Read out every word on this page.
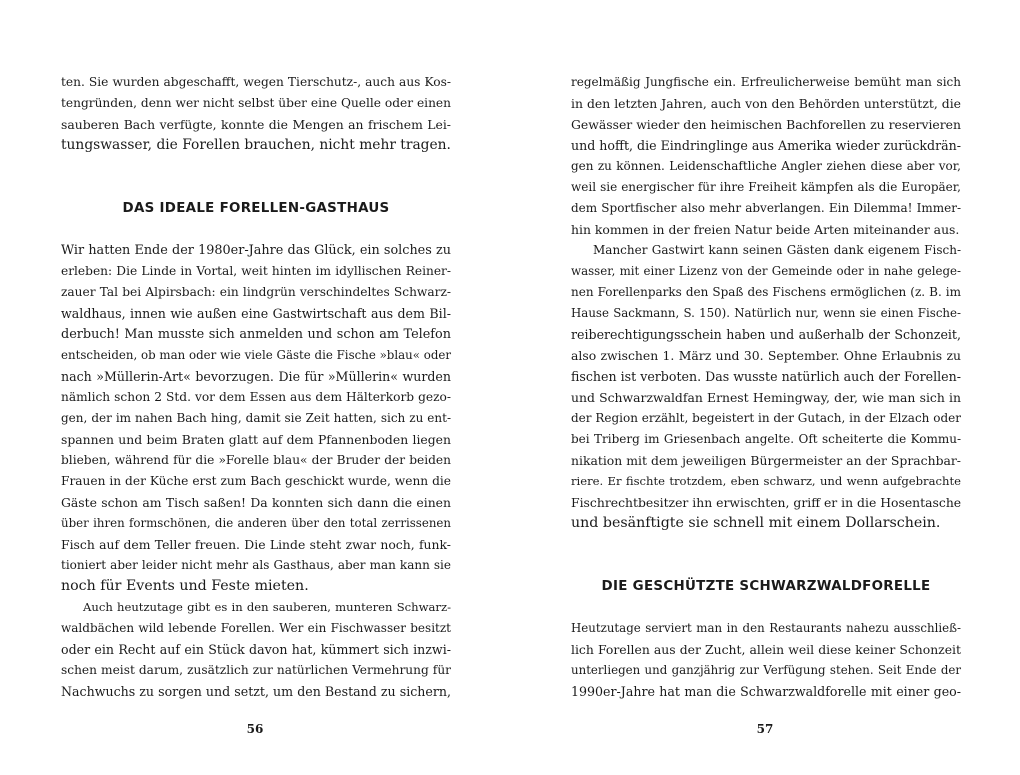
ten. Sie wurden abgeschafft, wegen Tierschutz-, auch aus Kos-
tengründen, denn wer nicht selbst über eine Quelle oder einen
sauberen Bach verfügte, konnte die Mengen an frischem Lei-
tungswasser, die Forellen brauchen, nicht mehr tragen.
DAS IDEALE FORELLEN-GASTHAUS
Wir hatten Ende der 1980er-Jahre das Glück, ein solches zu
erleben: Die Linde in Vortal, weit hinten im idyllischen Reiner-
zauer Tal bei Alpirsbach: ein lindgrün verschindeltes Schwarz-
waldhaus, innen wie außen eine Gastwirtschaft aus dem Bil-
derbuch! Man musste sich anmelden und schon am Telefon
entscheiden, ob man oder wie viele Gäste die Fische »blau« oder
nach »Müllerin-Art« bevorzugen. Die für »Müllerin« wurden
nämlich schon 2 Std. vor dem Essen aus dem Hälterkorb gezo-
gen, der im nahen Bach hing, damit sie Zeit hatten, sich zu ent-
spannen und beim Braten glatt auf dem Pfannenboden liegen
blieben, während für die »Forelle blau« der Bruder der beiden
Frauen in der Küche erst zum Bach geschickt wurde, wenn die
Gäste schon am Tisch saßen! Da konnten sich dann die einen
über ihren formschönen, die anderen über den total zerrissenen
Fisch auf dem Teller freuen. Die Linde steht zwar noch, funk-
tioniert aber leider nicht mehr als Gasthaus, aber man kann sie
noch für Events und Feste mieten.
Auch heutzutage gibt es in den sauberen, munteren Schwarz-
waldbächen wild lebende Forellen. Wer ein Fischwasser besitzt
oder ein Recht auf ein Stück davon hat, kümmert sich inzwi-
schen meist darum, zusätzlich zur natürlichen Vermehrung für
Nachwuchs zu sorgen und setzt, um den Bestand zu sichern,
regelmäßig Jungfische ein. Erfreulicherweise bemüht man sich
in den letzten Jahren, auch von den Behörden unterstützt, die
Gewässer wieder den heimischen Bachforellen zu reservieren
und hofft, die Eindringlinge aus Amerika wieder zurückdrän-
gen zu können. Leidenschaftliche Angler ziehen diese aber vor,
weil sie energischer für ihre Freiheit kämpfen als die Europäer,
dem Sportfischer also mehr abverlangen. Ein Dilemma! Immer-
hin kommen in der freien Natur beide Arten miteinander aus.
Mancher Gastwirt kann seinen Gästen dank eigenem Fisch-
wasser, mit einer Lizenz von der Gemeinde oder in nahe gelege-
nen Forellenparks den Spaß des Fischens ermöglichen (z. B. im
Hause Sackmann, S. 150). Natürlich nur, wenn sie einen Fische-
reiberechtigungsschein haben und außerhalb der Schonzeit,
also zwischen 1. März und 30. September. Ohne Erlaubnis zu
fischen ist verboten. Das wusste natürlich auch der Forellen-
und Schwarzwaldfan Ernest Hemingway, der, wie man sich in
der Region erzählt, begeistert in der Gutach, in der Elzach oder
bei Triberg im Griesenbach angelte. Oft scheiterte die Kommu-
nikation mit dem jeweiligen Bürgermeister an der Sprachbar-
riere. Er fischte trotzdem, eben schwarz, und wenn aufgebrachte
Fischrechtbesitzer ihn erwischten, griff er in die Hosentasche
und besänftigte sie schnell mit einem Dollarschein.
DIE GESCHÜTZTE SCHWARZWALDFORELLE
Heutzutage serviert man in den Restaurants nahezu ausschließ-
lich Forellen aus der Zucht, allein weil diese keiner Schonzeit
unterliegen und ganzjährig zur Verfügung stehen. Seit Ende der
1990er-Jahre hat man die Schwarzwaldforelle mit einer geo-
56	57
